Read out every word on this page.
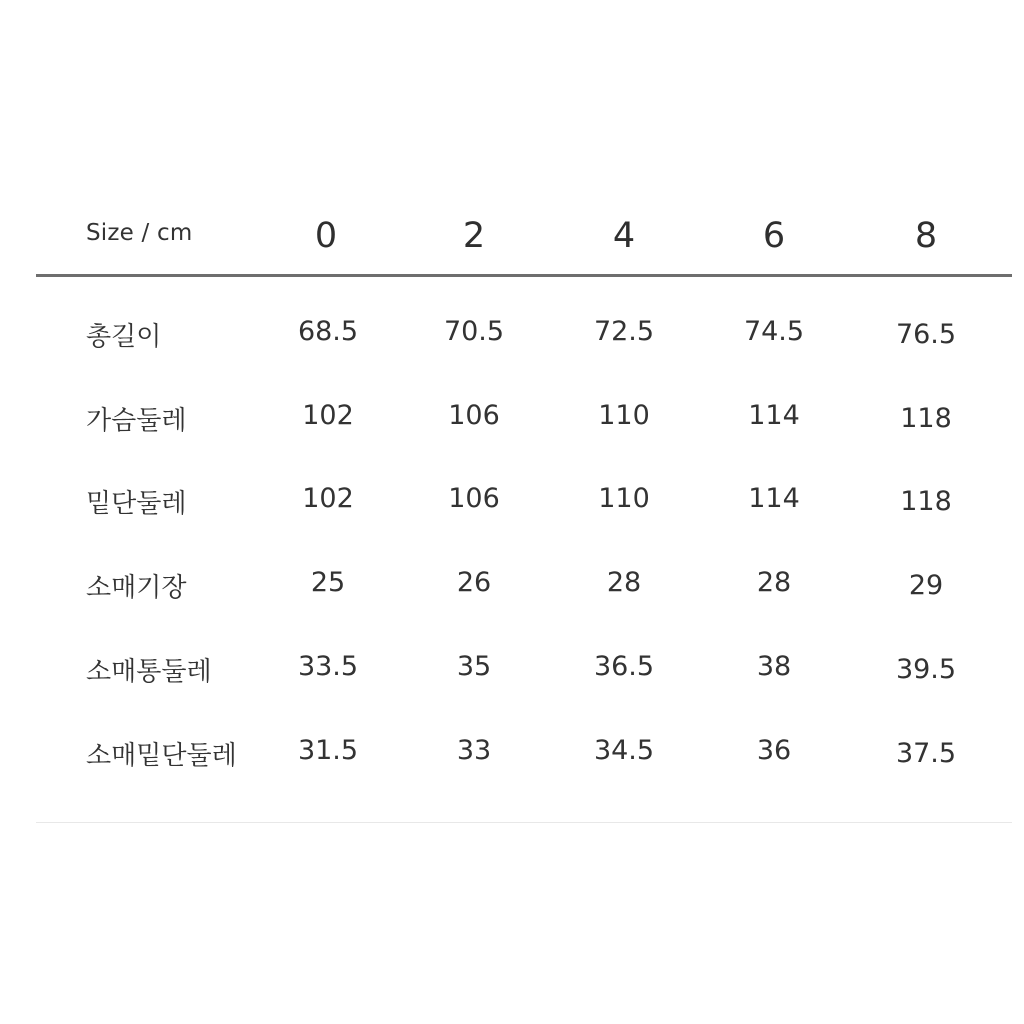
Size / cm	0	2	4	6	8
총길이	68.5	70.5	72.5	74.5	76.5
가슴둘레	102	106	110	114	118
밑단둘레	102	106	110	114	118
소매기장	25	26	28	28	29
소매통둘레	33.5	35	36.5	38	39.5
소매밑단둘레	31.5	33	34.5	36	37.5
